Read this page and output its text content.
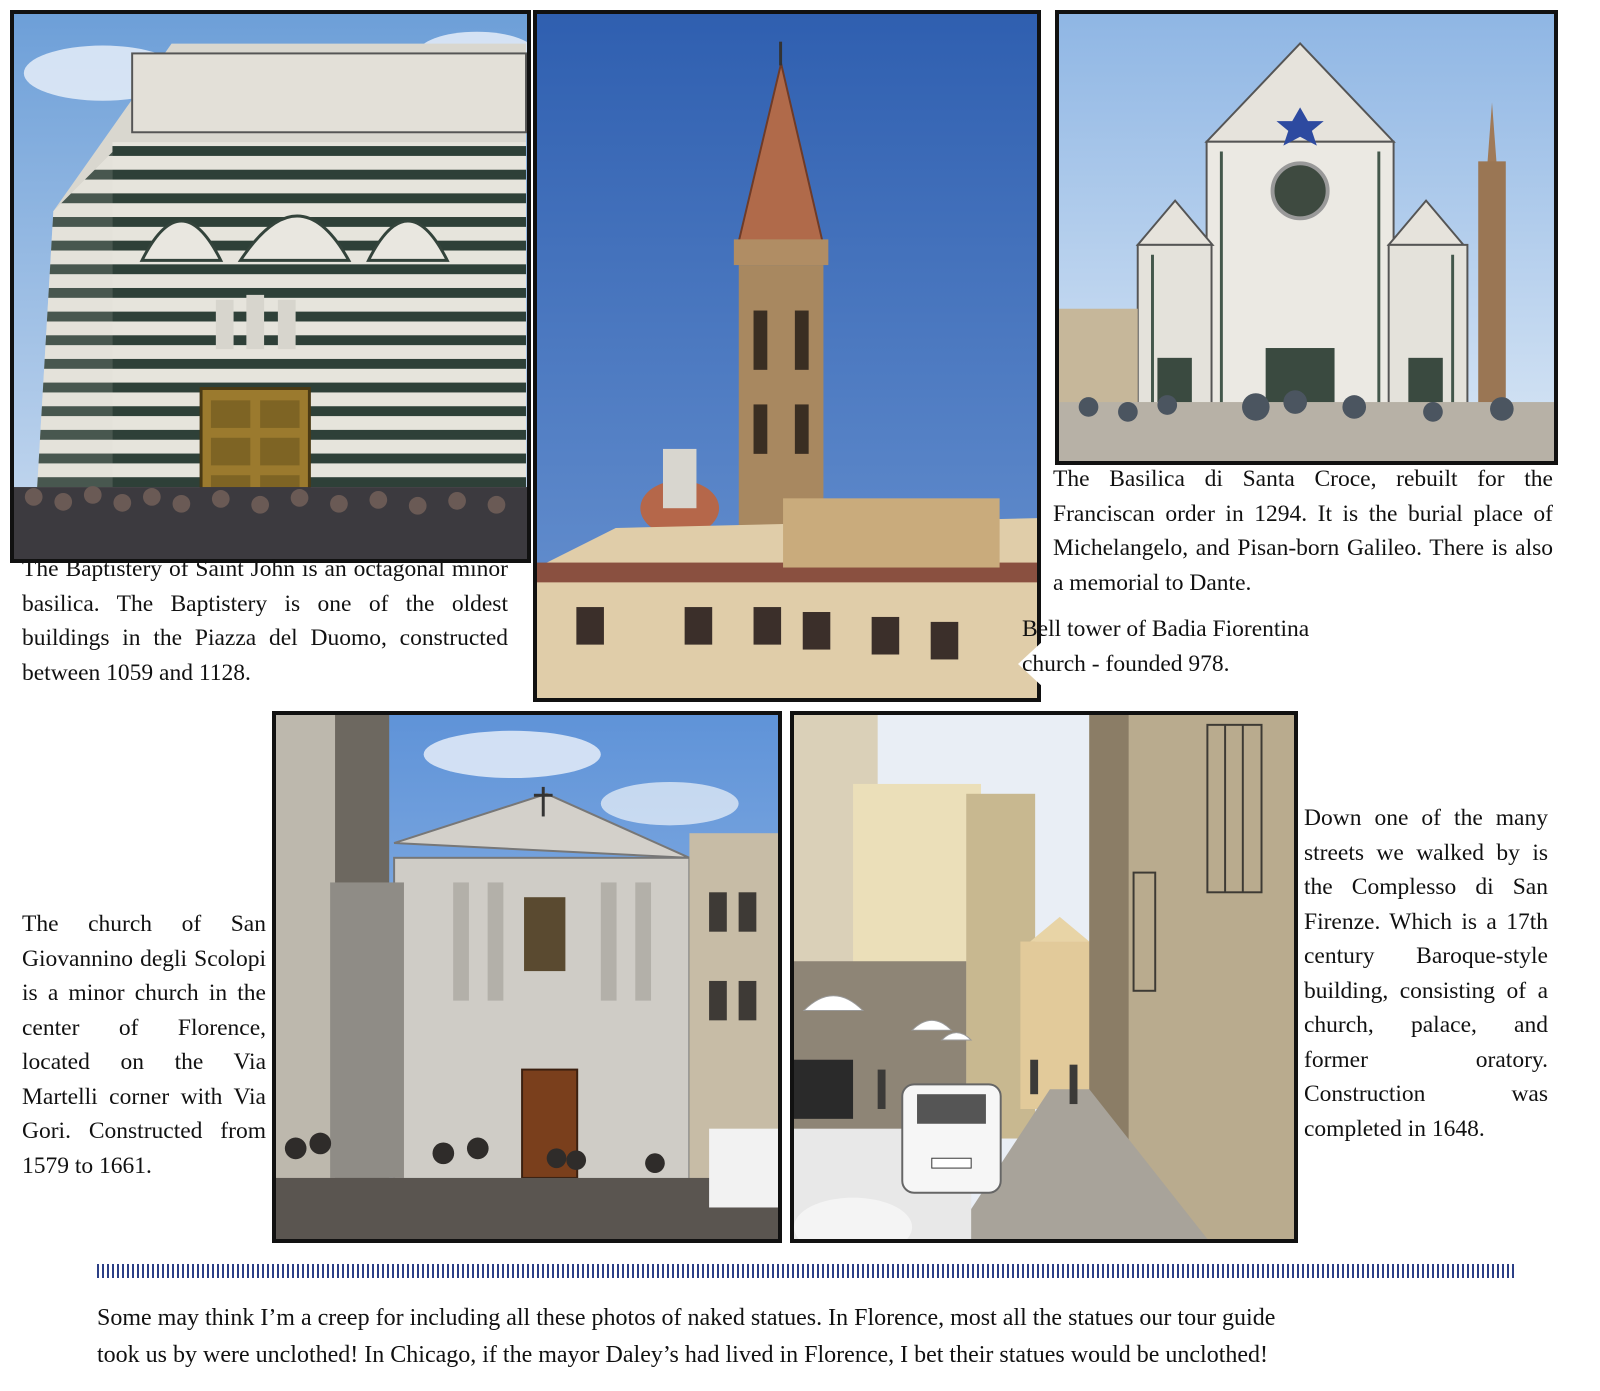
The Baptistery of Saint John is an octagonal minor basilica. The Baptistery is one of the oldest buildings in the Piazza del Duomo, constructed between 1059 and 1128.
The Basilica di Santa Croce, rebuilt for the Franciscan order in 1294. It is the burial place of Michelangelo, and Pisan-born Galileo. There is also a memorial to Dante.
Bell tower of Badia Fiorentina
church - founded 978.
The church of San Giovannino degli Scolopi is a minor church in the center of Florence, located on the Via Martelli corner with Via Gori. Constructed from 1579 to 1661.
Down one of the many streets we walked by is the Complesso di San Firenze. Which is a 17th century Baroque-style building, consisting of a church, palace, and former oratory. Construction was completed in 1648.
Some may think I’m a creep for including all these photos of naked statues. In Florence, most all the statues our tour guide
took us by were unclothed! In Chicago, if the mayor Daley’s had lived in Florence, I bet their statues would be unclothed!
